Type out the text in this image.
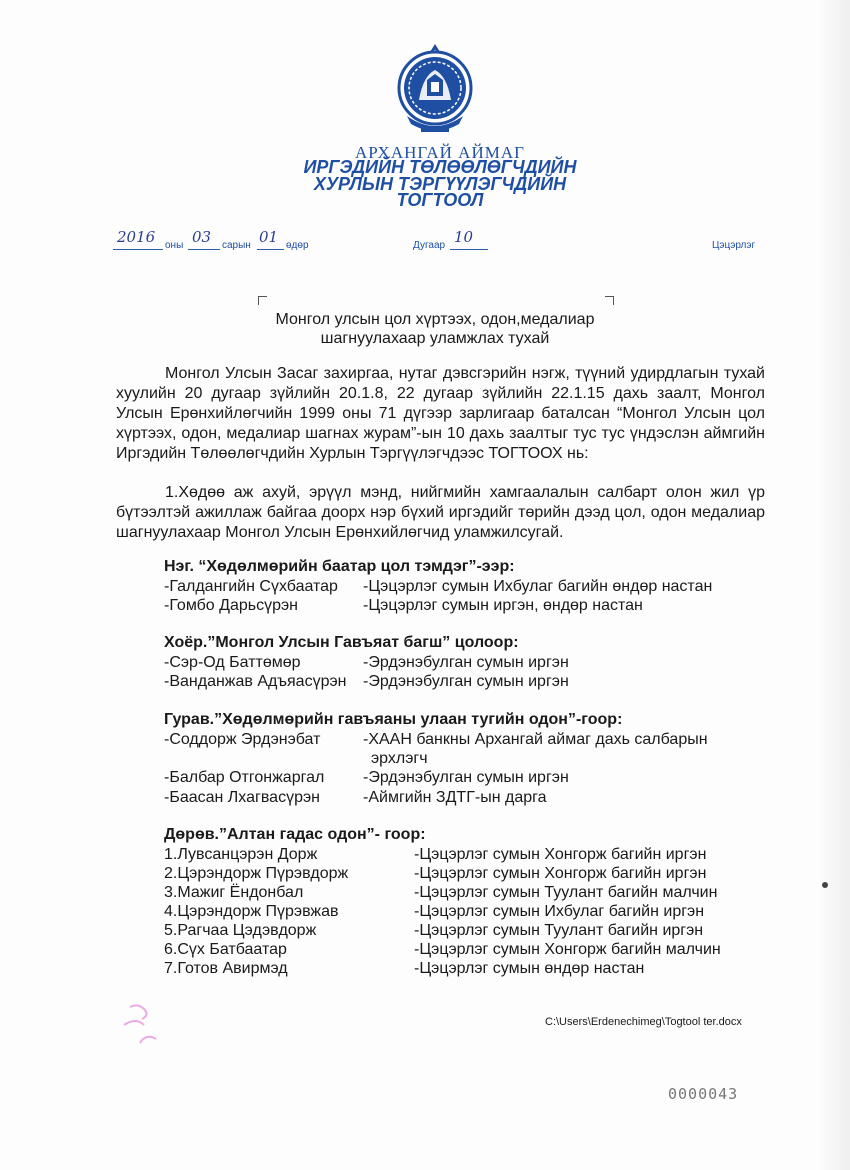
АРХАНГАЙ АЙМАГ
ИРГЭДИЙН ТӨЛӨӨЛӨГЧДИЙН
ХУРЛЫН ТЭРГҮҮЛЭГЧДИЙН
ТОГТООЛ
2016 оны 03 сарын 01 өдөр	Дугаар 10	Цэцэрлэг
Монгол улсын цол хүртээх, одон,медалиар
шагнуулахаар уламжлах тухай
Монгол Улсын Засаг захиргаа, нутаг дэвсгэрийн нэгж, түүний удирдлагын тухай хуулийн 20 дугаар зүйлийн 20.1.8, 22 дугаар зүйлийн 22.1.15 дахь заалт, Монгол Улсын Ерөнхийлөгчийн 1999 оны 71 дүгээр зарлигаар баталсан “Монгол Улсын цол хүртээх, одон, медалиар шагнах журам”-ын 10 дахь заалтыг тус тус үндэслэн аймгийн Иргэдийн Төлөөлөгчдийн Хурлын Тэргүүлэгчдээс ТОГТООХ нь:
1.Хөдөө аж ахуй, эрүүл мэнд, нийгмийн хамгаалалын салбарт олон жил үр бүтээлтэй ажиллаж байгаа доорх нэр бүхий иргэдийг төрийн дээд цол, одон медалиар шагнуулахаар Монгол Улсын Ерөнхийлөгчид уламжилсугай.
Нэг. “Хөдөлмөрийн баатар цол тэмдэг”-ээр:
-Галдангийн Сүхбаатар -Цэцэрлэг сумын Ихбулаг багийн өндөр настан
-Гомбо Дарьсүрэн	-Цэцэрлэг сумын иргэн, өндөр настан
Хоёр.”Монгол Улсын Гавъяат багш” цолоор:
-Сэр-Од Баттөмөр	-Эрдэнэбулган сумын иргэн
-Ванданжав Адъяасүрэн -Эрдэнэбулган сумын иргэн
Гурав.”Хөдөлмөрийн гавъяаны улаан тугийн одон”-гоор:
-Соддорж Эрдэнэбат	-ХААН банкны Архангай аймаг дахь салбарын
эрхлэгч
-Балбар Отгонжаргал -Эрдэнэбулган сумын иргэн
-Баасан Лхагвасүрэн	-Аймгийн ЗДТГ-ын дарга
Дөрөв.”Алтан гадас одон”- гоор:
1.Лувсанцэрэн Дорж	-Цэцэрлэг сумын Хонгорж багийн иргэн
2.Цэрэндорж Пүрэвдорж	-Цэцэрлэг сумын Хонгорж багийн иргэн
3.Мажиг Ёндонбал	-Цэцэрлэг сумын Туулант багийн малчин
4.Цэрэндорж Пүрэвжав	-Цэцэрлэг сумын Ихбулаг багийн иргэн
5.Рагчаа Цэдэвдорж	-Цэцэрлэг сумын Туулант багийн иргэн
6.Сүх Батбаатар	-Цэцэрлэг сумын Хонгорж багийн малчин
7.Готов Авирмэд	-Цэцэрлэг сумын өндөр настан
C:\Users\Erdenechimeg\Togtool ter.docx
0000043
